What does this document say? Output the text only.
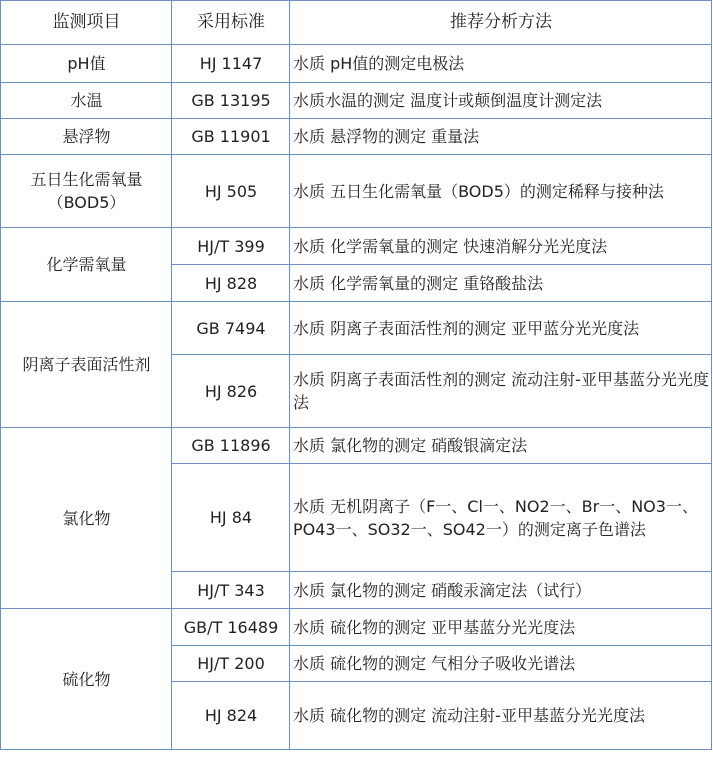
监测项目	采用标准	推荐分析方法
pH值	HJ 1147	水质 pH值的测定电极法
水温	GB 13195	水质水温的测定 温度计或颠倒温度计测定法
悬浮物	GB 11901	水质 悬浮物的测定 重量法
五日生化需氧量（BOD5）	HJ 505	水质 五日生化需氧量（BOD5）的测定稀释与接种法
化学需氧量	HJ/T 399	水质 化学需氧量的测定 快速消解分光光度法
	HJ 828	水质 化学需氧量的测定 重铬酸盐法
阴离子表面活性剂	GB 7494	水质 阴离子表面活性剂的测定 亚甲蓝分光光度法
	HJ 826	水质 阴离子表面活性剂的测定 流动注射-亚甲基蓝分光光度法
氯化物	GB 11896	水质 氯化物的测定 硝酸银滴定法
	HJ 84	水质 无机阴离子（F一、Cl一、NO2一、Br一、NO3一、PO43一、SO32一、SO42一）的测定离子色谱法
	HJ/T 343	水质 氯化物的测定 硝酸汞滴定法（试行）
硫化物	GB/T 16489	水质 硫化物的测定 亚甲基蓝分光光度法
	HJ/T 200	水质 硫化物的测定 气相分子吸收光谱法
	HJ 824	水质 硫化物的测定 流动注射-亚甲基蓝分光光度法
